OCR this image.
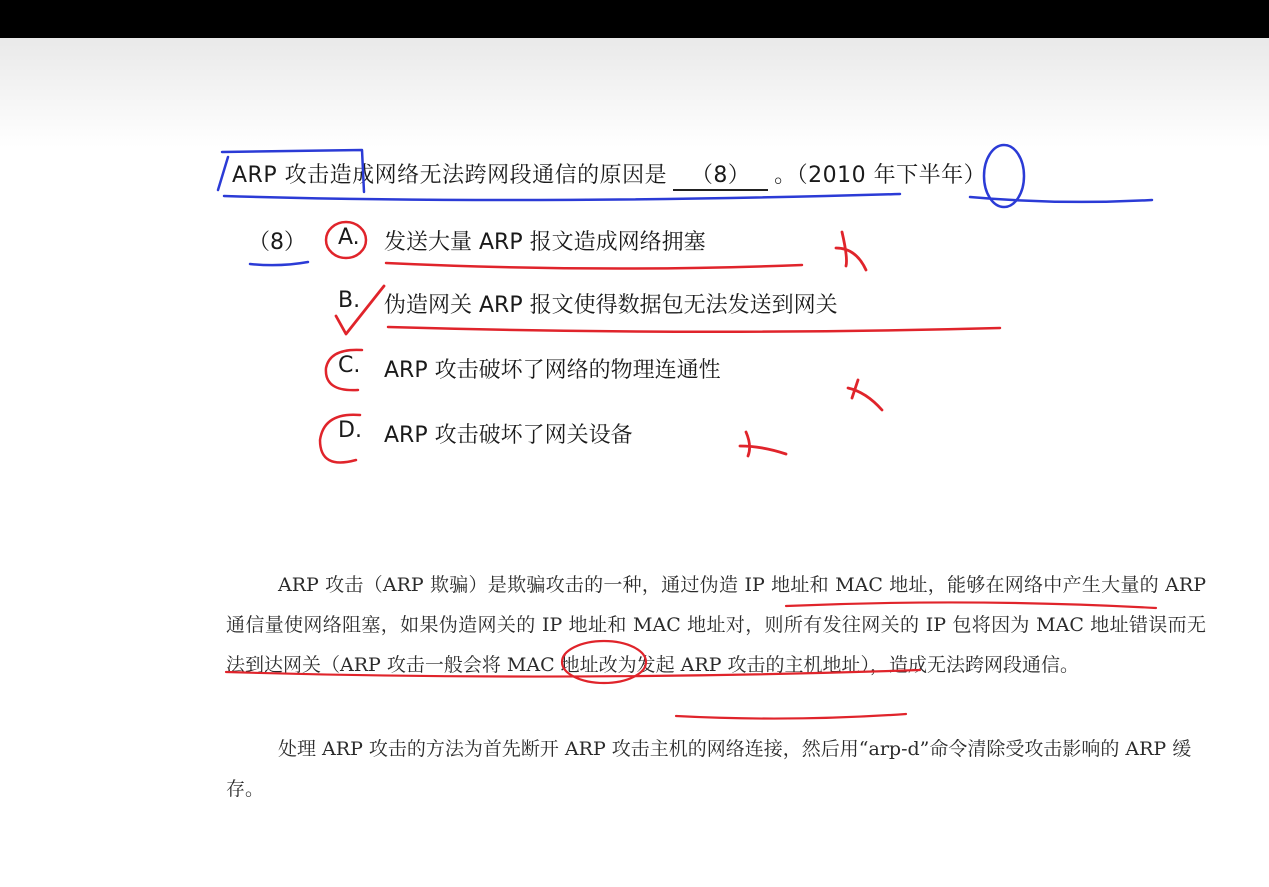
ARP 攻击造成网络无法跨网段通信的原因是 （8） 。（2010 年下半年）
（8） A. 发送大量 ARP 报文造成网络拥塞
B. 伪造网关 ARP 报文使得数据包无法发送到网关
C. ARP 攻击破坏了网络的物理连通性
D. ARP 攻击破坏了网关设备
ARP 攻击（ARP 欺骗）是欺骗攻击的一种，通过伪造 IP 地址和 MAC 地址，能够在网络中产生大量的 ARP 通信量使网络阻塞，如果伪造网关的 IP 地址和 MAC 地址对，则所有发往网关的 IP 包将因为 MAC 地址错误而无法到达网关（ARP 攻击一般会将 MAC 地址改为发起 ARP 攻击的主机地址），造成无法跨网段通信。
处理 ARP 攻击的方法为首先断开 ARP 攻击主机的网络连接，然后用“arp-d”命令清除受攻击影响的 ARP 缓存。
